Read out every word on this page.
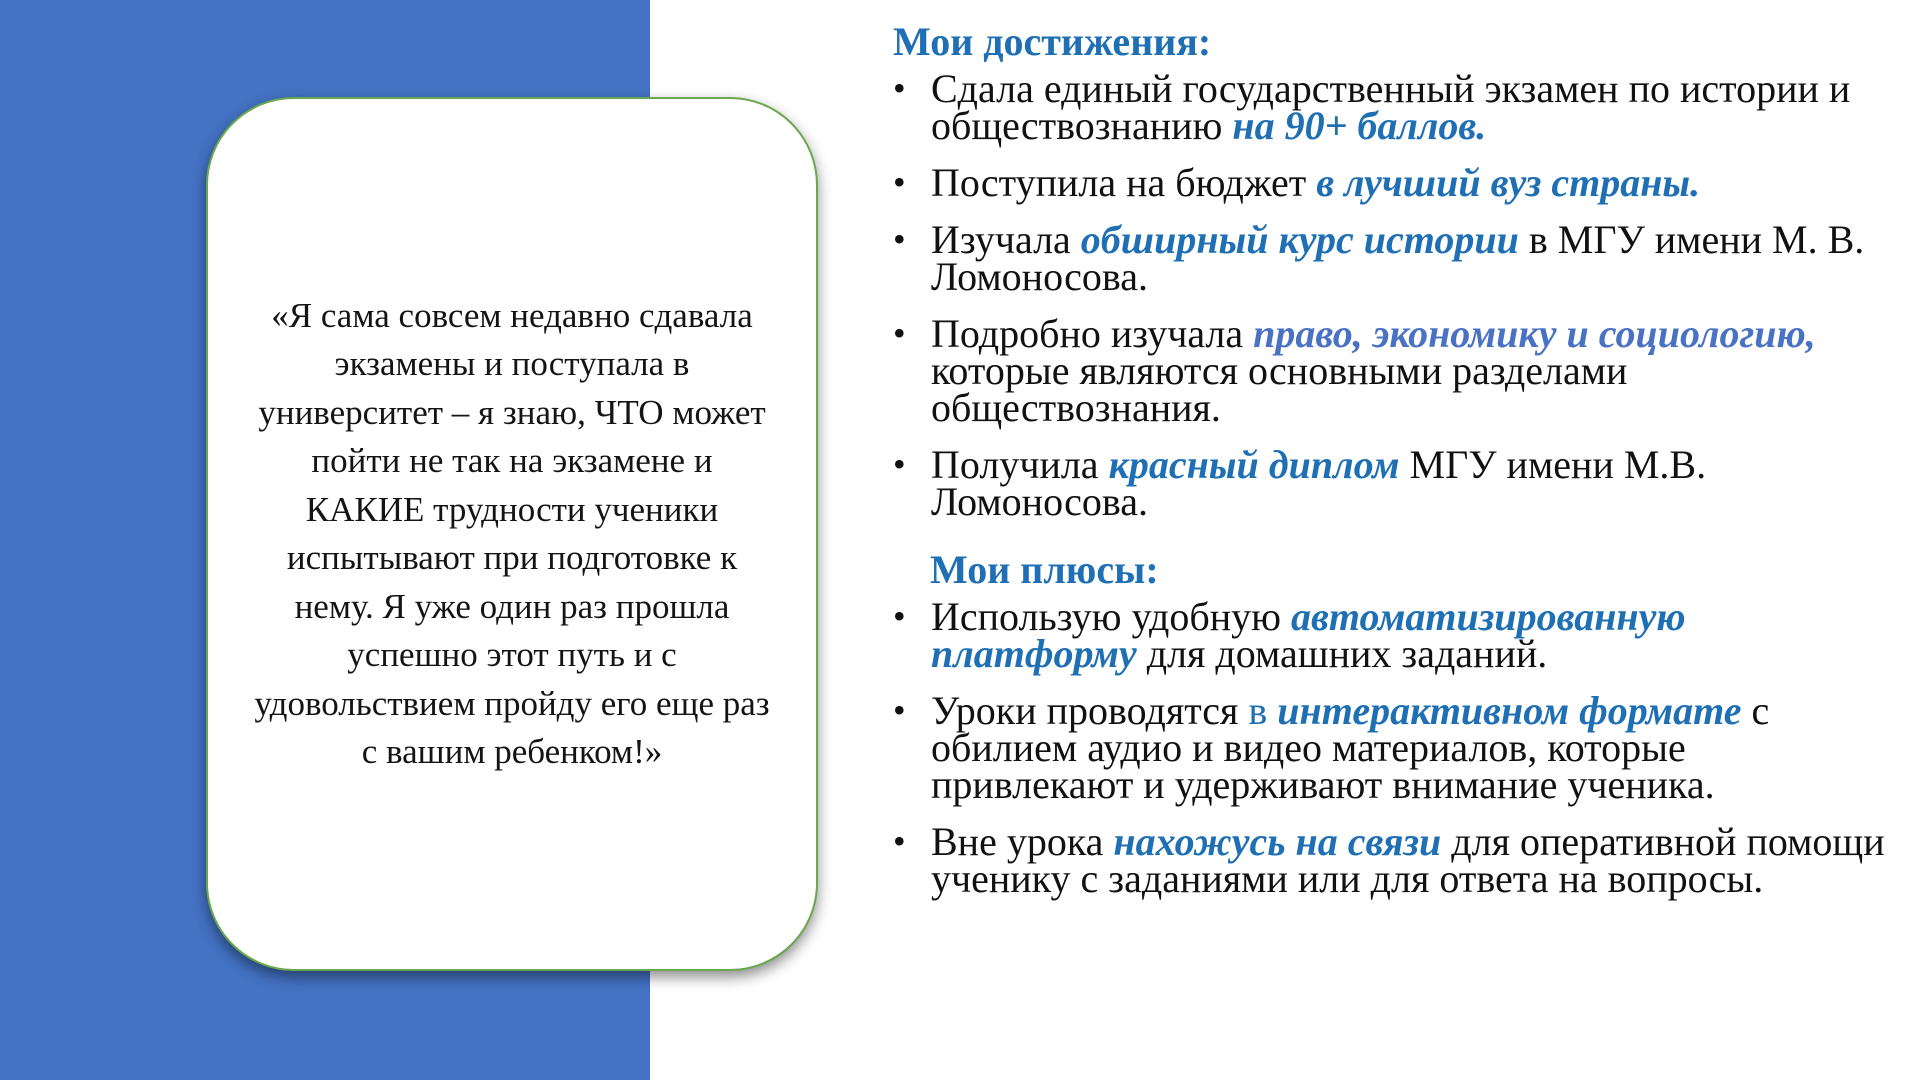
«Я сама совсем недавно сдавала экзамены и поступала в университет – я знаю, ЧТО может пойти не так на экзамене и КАКИЕ трудности ученики испытывают при подготовке к нему. Я уже один раз прошла успешно этот путь и с удовольствием пройду его еще раз с вашим ребенком!»

Мои достижения:
• Сдала единый государственный экзамен по истории и обществознанию на 90+ баллов.
• Поступила на бюджет в лучший вуз страны.
• Изучала обширный курс истории в МГУ имени М. В. Ломоносова.
• Подробно изучала право, экономику и социологию, которые являются основными разделами обществознания.
• Получила красный диплом МГУ имени М.В. Ломоносова.
Мои плюсы:
• Использую удобную автоматизированную платформу для домашних заданий.
• Уроки проводятся в интерактивном формате с обилием аудио и видео материалов, которые привлекают и удерживают внимание ученика.
• Вне урока нахожусь на связи для оперативной помощи ученику с заданиями или для ответа на вопросы.
